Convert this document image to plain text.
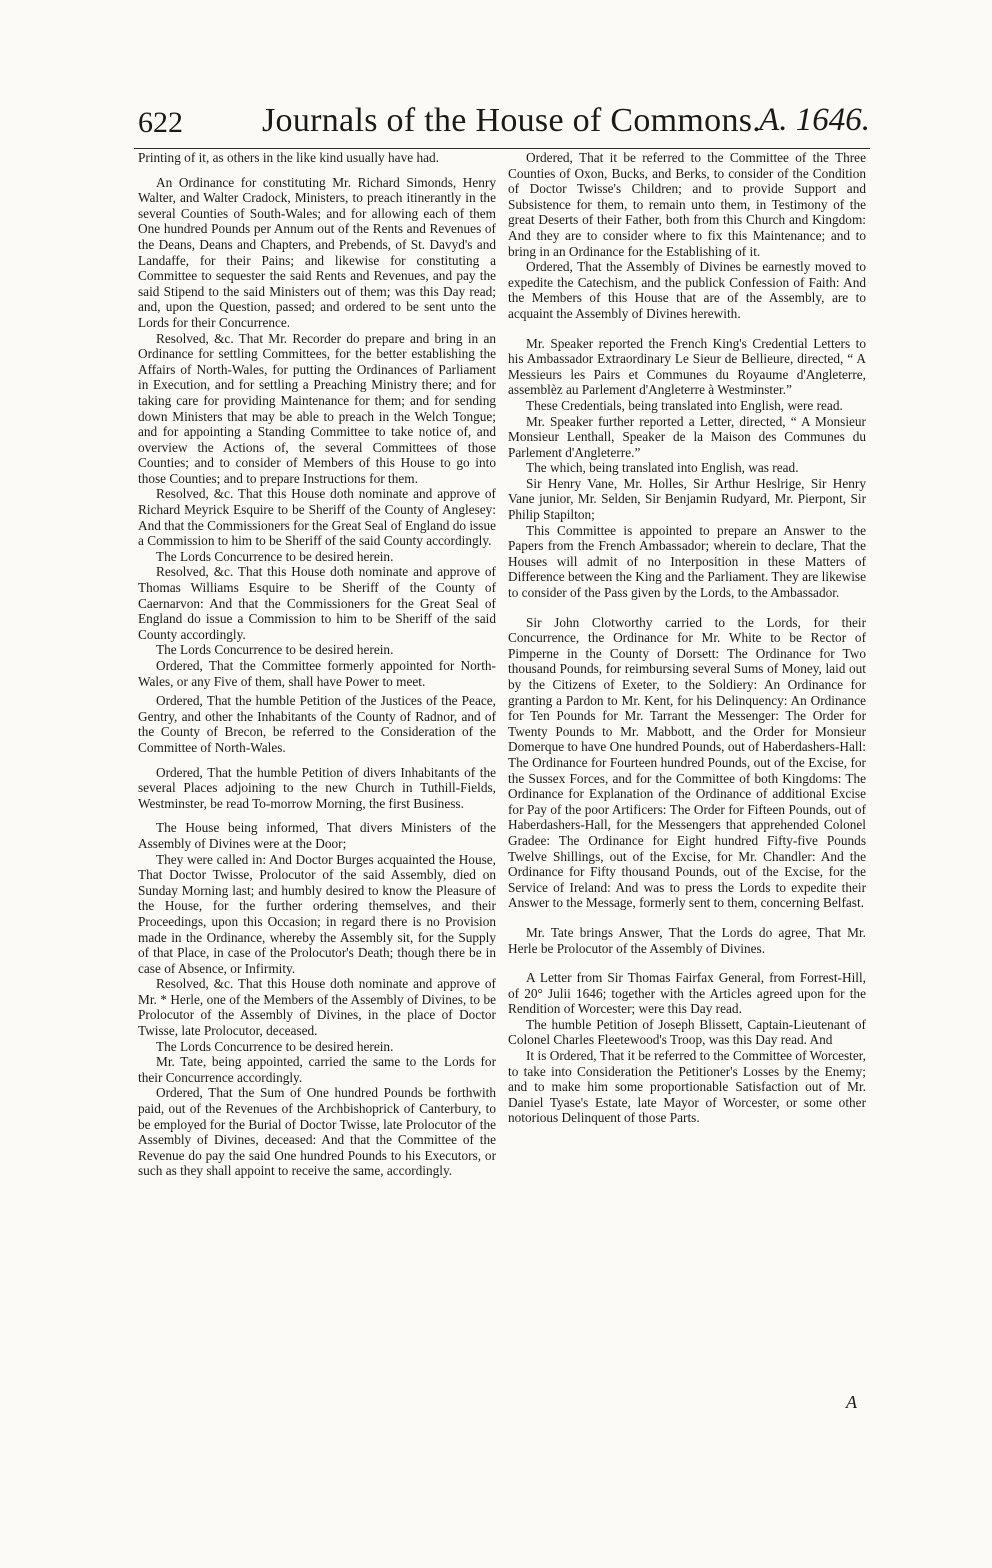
622 Journals of the House of Commons.
A. 1646.

Printing of it, as others in the like kind usually have had.

An Ordinance for constituting Mr. Richard Simonds, Henry Walter, and Walter Cradock, Ministers, to preach itinerantly in the several Counties of South-Wales; and for allowing each of them One hundred Pounds per Annum out of the Rents and Revenues of the Deans, Deans and Chapters, and Prebends, of St. Davyd's and Landaffe, for their Pains; and likewise for constituting a Committee to sequester the said Rents and Revenues, and pay the said Stipend to the said Ministers out of them; was this Day read; and, upon the Question, passed; and ordered to be sent unto the Lords for their Concurrence.

Resolved, &c. That Mr. Recorder do prepare and bring in an Ordinance for settling Committees, for the better establishing the Affairs of North-Wales, for putting the Ordinances of Parliament in Execution, and for settling a Preaching Ministry there; and for taking care for providing Maintenance for them; and for sending down Ministers that may be able to preach in the Welch Tongue; and for appointing a Standing Committee to take notice of, and overview the Actions of, the several Committees of those Counties; and to consider of Members of this House to go into those Counties; and to prepare Instructions for them.

Resolved, &c. That this House doth nominate and approve of Richard Meyrick Esquire to be Sheriff of the County of Anglesey: And that the Commissioners for the Great Seal of England do issue a Commission to him to be Sheriff of the said County accordingly.

The Lords Concurrence to be desired herein.

Resolved, &c. That this House doth nominate and approve of Thomas Williams Esquire to be Sheriff of the County of Caernarvon: And that the Commissioners for the Great Seal of England do issue a Commission to him to be Sheriff of the said County accordingly.

The Lords Concurrence to be desired herein.

Ordered, That the Committee formerly appointed for North-Wales, or any Five of them, shall have Power to meet.

Ordered, That the humble Petition of the Justices of the Peace, Gentry, and other the Inhabitants of the County of Radnor, and of the County of Brecon, be referred to the Consideration of the Committee of North-Wales.

Ordered, That the humble Petition of divers Inhabitants of the several Places adjoining to the new Church in Tuthill-Fields, Westminster, be read To-morrow Morning, the first Business.

The House being informed, That divers Ministers of the Assembly of Divines were at the Door;

They were called in: And Doctor Burges acquainted the House, That Doctor Twisse, Prolocutor of the said Assembly, died on Sunday Morning last; and humbly desired to know the Pleasure of the House, for the further ordering themselves, and their Proceedings, upon this Occasion; in regard there is no Provision made in the Ordinance, whereby the Assembly sit, for the Supply of that Place, in case of the Prolocutor's Death; though there be in case of Absence, or Infirmity.

Resolved, &c. That this House doth nominate and approve of Mr. * Herle, one of the Members of the Assembly of Divines, to be Prolocutor of the Assembly of Divines, in the place of Doctor Twisse, late Prolocutor, deceased.

The Lords Concurrence to be desired herein.

Mr. Tate, being appointed, carried the same to the Lords for their Concurrence accordingly.

Ordered, That the Sum of One hundred Pounds be forthwith paid, out of the Revenues of the Archbishoprick of Canterbury, to be employed for the Burial of Doctor Twisse, late Prolocutor of the Assembly of Divines, deceased: And that the Committee of the Revenue do pay the said One hundred Pounds to his Executors, or such as they shall appoint to receive the same, accordingly.

Ordered, That it be referred to the Committee of the Three Counties of Oxon, Bucks, and Berks, to consider of the Condition of Doctor Twisse's Children; and to provide Support and Subsistence for them, to remain unto them, in Testimony of the great Deserts of their Father, both from this Church and Kingdom: And they are to consider where to fix this Maintenance; and to bring in an Ordinance for the Establishing of it.

Ordered, That the Assembly of Divines be earnestly moved to expedite the Catechism, and the publick Confession of Faith: And the Members of this House that are of the Assembly, are to acquaint the Assembly of Divines herewith.

Mr. Speaker reported the French King's Credential Letters to his Ambassador Extraordinary Le Sieur de Bellieure, directed, “ A Messieurs les Pairs et Communes du Royaume d'Angleterre, assemblèz au Parlement d'Angleterre à Westminster.”

These Credentials, being translated into English, were read.

Mr. Speaker further reported a Letter, directed, “ A Monsieur Monsieur Lenthall, Speaker de la Maison des Communes du Parlement d'Angleterre.”

The which, being translated into English, was read.

Sir Henry Vane, Mr. Holles, Sir Arthur Heslrige, Sir Henry Vane junior, Mr. Selden, Sir Benjamin Rudyard, Mr. Pierpont, Sir Philip Stapilton;

This Committee is appointed to prepare an Answer to the Papers from the French Ambassador; wherein to declare, That the Houses will admit of no Interposition in these Matters of Difference between the King and the Parliament. They are likewise to consider of the Pass given by the Lords, to the Ambassador.

Sir John Clotworthy carried to the Lords, for their Concurrence, the Ordinance for Mr. White to be Rector of Pimperne in the County of Dorsett: The Ordinance for Two thousand Pounds, for reimbursing several Sums of Money, laid out by the Citizens of Exeter, to the Soldiery: An Ordinance for granting a Pardon to Mr. Kent, for his Delinquency: An Ordinance for Ten Pounds for Mr. Tarrant the Messenger: The Order for Twenty Pounds to Mr. Mabbott, and the Order for Monsieur Domerque to have One hundred Pounds, out of Haberdashers-Hall: The Ordinance for Fourteen hundred Pounds, out of the Excise, for the Sussex Forces, and for the Committee of both Kingdoms: The Ordinance for Explanation of the Ordinance of additional Excise for Pay of the poor Artificers: The Order for Fifteen Pounds, out of Haberdashers-Hall, for the Messengers that apprehended Colonel Gradee: The Ordinance for Eight hundred Fifty-five Pounds Twelve Shillings, out of the Excise, for Mr. Chandler: And the Ordinance for Fifty thousand Pounds, out of the Excise, for the Service of Ireland: And was to press the Lords to expedite their Answer to the Message, formerly sent to them, concerning Belfast.

Mr. Tate brings Answer, That the Lords do agree, That Mr. Herle be Prolocutor of the Assembly of Divines.

A Letter from Sir Thomas Fairfax General, from Forrest-Hill, of 20° Julii 1646; together with the Articles agreed upon for the Rendition of Worcester; were this Day read.

The humble Petition of Joseph Blissett, Captain-Lieutenant of Colonel Charles Fleetewood's Troop, was this Day read. And

It is Ordered, That it be referred to the Committee of Worcester, to take into Consideration the Petitioner's Losses by the Enemy; and to make him some proportionable Satisfaction out of Mr. Daniel Tyase's Estate, late Mayor of Worcester, or some other notorious Delinquent of those Parts.

A
